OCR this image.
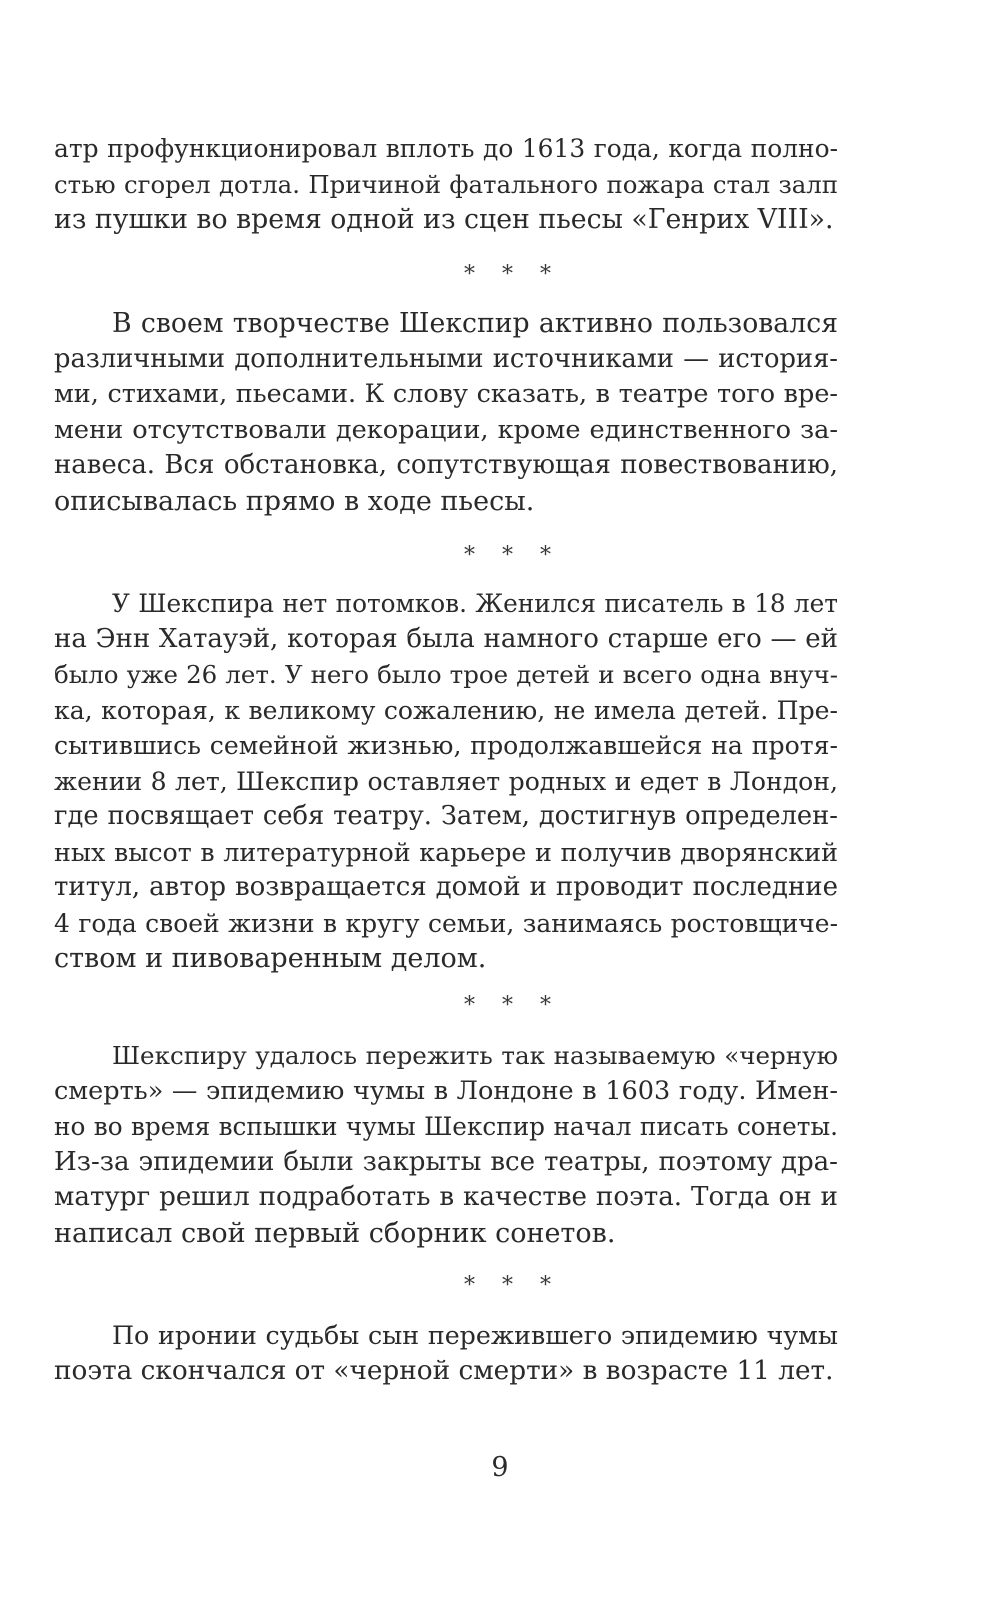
атр профункционировал вплоть до 1613 года, когда полно-
стью сгорел дотла. Причиной фатального пожара стал залп
из пушки во время одной из сцен пьесы «Генрих VIII».
* * *
В своем творчестве Шекспир активно пользовался
различными дополнительными источниками — история-
ми, стихами, пьесами. К слову сказать, в театре того вре-
мени отсутствовали декорации, кроме единственного за-
навеса. Вся обстановка, сопутствующая повествованию,
описывалась прямо в ходе пьесы.
* * *
У Шекспира нет потомков. Женился писатель в 18 лет
на Энн Хатауэй, которая была намного старше его — ей
было уже 26 лет. У него было трое детей и всего одна внуч-
ка, которая, к великому сожалению, не имела детей. Пре-
сытившись семейной жизнью, продолжавшейся на протя-
жении 8 лет, Шекспир оставляет родных и едет в Лондон,
где посвящает себя театру. Затем, достигнув определен-
ных высот в литературной карьере и получив дворянский
титул, автор возвращается домой и проводит последние
4 года своей жизни в кругу семьи, занимаясь ростовщиче-
ством и пивоваренным делом.
* * *
Шекспиру удалось пережить так называемую «черную
смерть» — эпидемию чумы в Лондоне в 1603 году. Имен-
но во время вспышки чумы Шекспир начал писать сонеты.
Из-за эпидемии были закрыты все театры, поэтому дра-
матург решил подработать в качестве поэта. Тогда он и
написал свой первый сборник сонетов.
* * *
По иронии судьбы сын пережившего эпидемию чумы
поэта скончался от «черной смерти» в возрасте 11 лет.
9
